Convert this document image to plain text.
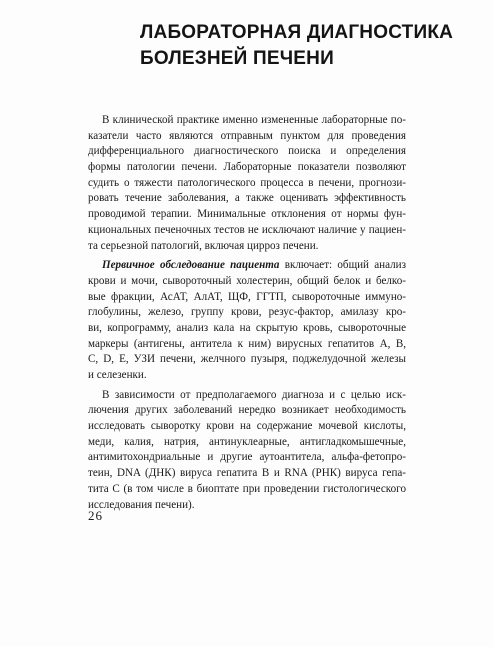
ЛАБОРАТОРНАЯ ДИАГНОСТИКА
БОЛЕЗНЕЙ ПЕЧЕНИ
В клинической практике именно измененные лабораторные по-
казатели часто являются отправным пунктом для проведения
дифференциального диагностического поиска и определения
формы патологии печени. Лабораторные показатели позволяют
судить о тяжести патологического процесса в печени, прогнози-
ровать течение заболевания, а также оценивать эффективность
проводимой терапии. Минимальные отклонения от нормы фун-
кциональных печеночных тестов не исключают наличие у пациен-
та серьезной патологий, включая цирроз печени.
Первичное обследование пациента включает: общий анализ
крови и мочи, сывороточный холестерин, общий белок и белко-
вые фракции, АсАТ, АлАТ, ЩФ, ГГТП, сывороточные иммуно-
глобулины, железо, группу крови, резус-фактор, амилазу кро-
ви, копрограмму, анализ кала на скрытую кровь, сывороточные
маркеры (антигены, антитела к ним) вирусных гепатитов А, В,
С, D, Е, УЗИ печени, желчного пузыря, поджелудочной железы
и селезенки.
В зависимости от предполагаемого диагноза и с целью иск-
лючения других заболеваний нередко возникает необходимость
исследовать сыворотку крови на содержание мочевой кислоты,
меди, калия, натрия, антинуклеарные, антигладкомышечные,
антимитохондриальные и другие аутоантитела, альфа-фетопро-
теин, DNA (ДНК) вируса гепатита В и RNA (РНК) вируса гепа-
тита С (в том числе в биоптате при проведении гистологического
исследования печени).
26
